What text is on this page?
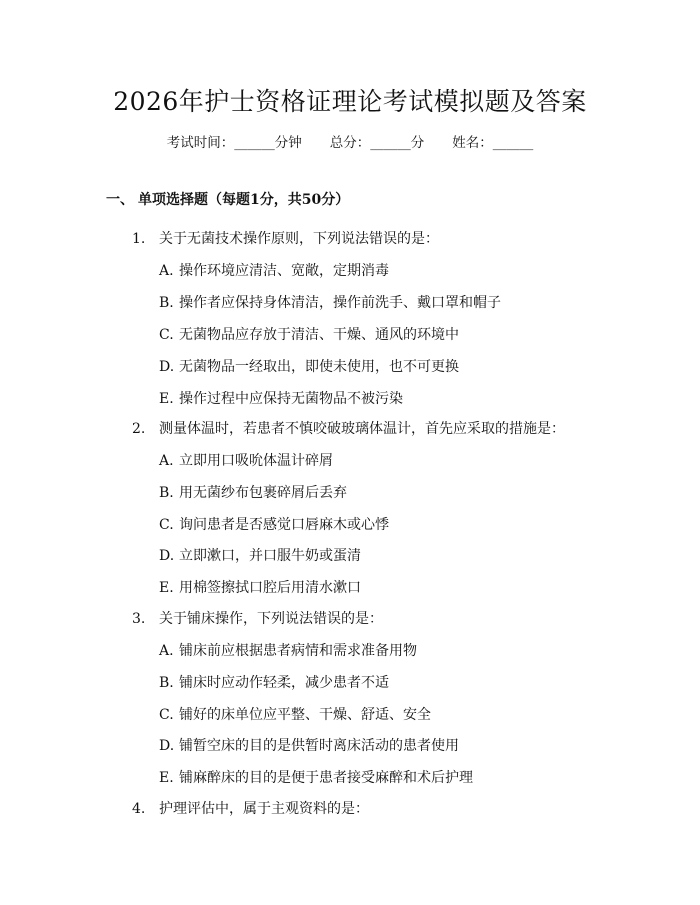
2026年护士资格证理论考试模拟题及答案
考试时间：______分钟 总分：______分 姓名：______
一、 单项选择题（每题1分，共50分）
1. 关于无菌技术操作原则，下列说法错误的是：
A. 操作环境应清洁、宽敞，定期消毒
B. 操作者应保持身体清洁，操作前洗手、戴口罩和帽子
C. 无菌物品应存放于清洁、干燥、通风的环境中
D. 无菌物品一经取出，即使未使用，也不可更换
E. 操作过程中应保持无菌物品不被污染
2. 测量体温时，若患者不慎咬破玻璃体温计，首先应采取的措施是：
A. 立即用口吸吮体温计碎屑
B. 用无菌纱布包裹碎屑后丢弃
C. 询问患者是否感觉口唇麻木或心悸
D. 立即漱口，并口服牛奶或蛋清
E. 用棉签擦拭口腔后用清水漱口
3. 关于铺床操作，下列说法错误的是：
A. 铺床前应根据患者病情和需求准备用物
B. 铺床时应动作轻柔，减少患者不适
C. 铺好的床单位应平整、干燥、舒适、安全
D. 铺暂空床的目的是供暂时离床活动的患者使用
E. 铺麻醉床的目的是便于患者接受麻醉和术后护理
4. 护理评估中，属于主观资料的是：
